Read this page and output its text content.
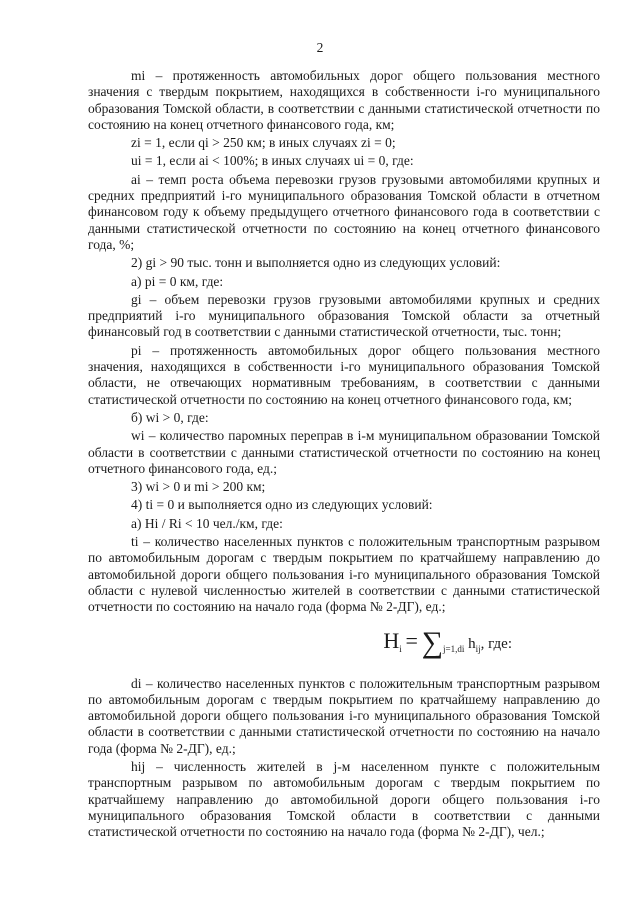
2

mi – протяженность автомобильных дорог общего пользования местного значения с твердым покрытием, находящихся в собственности i-го муниципального образования Томской области, в соответствии с данными статистической отчетности по состоянию на конец отчетного финансового года, км;

zi = 1, если qi > 250 км; в иных случаях zi = 0;

ui = 1, если ai < 100%; в иных случаях ui = 0, где:

ai – темп роста объема перевозки грузов грузовыми автомобилями крупных и средних предприятий i-го муниципального образования Томской области в отчетном финансовом году к объему предыдущего отчетного финансового года в соответствии с данными статистической отчетности по состоянию на конец отчетного финансового года, %;

2) gi > 90 тыс. тонн и выполняется одно из следующих условий:

а) pi = 0 км, где:

gi – объем перевозки грузов грузовыми автомобилями крупных и средних предприятий i-го муниципального образования Томской области за отчетный финансовый год в соответствии с данными статистической отчетности, тыс. тонн;

pi – протяженность автомобильных дорог общего пользования местного значения, находящихся в собственности i-го муниципального образования Томской области, не отвечающих нормативным требованиям, в соответствии с данными статистической отчетности по состоянию на конец отчетного финансового года, км;

б) wi > 0, где:

wi – количество паромных переправ в i-м муниципальном образовании Томской области в соответствии с данными статистической отчетности по состоянию на конец отчетного финансового года, ед.;

3) wi > 0 и mi > 200 км;

4) ti = 0 и выполняется одно из следующих условий:

а) Hi / Ri < 10 чел./км, где:

ti – количество населенных пунктов с положительным транспортным разрывом по автомобильным дорогам с твердым покрытием по кратчайшему направлению до автомобильной дороги общего пользования i-го муниципального образования Томской области с нулевой численностью жителей в соответствии с данными статистической отчетности по состоянию на начало года (форма № 2-ДГ), ед.;

$H_i = \sum_{j=1,di}$ $h_{ij}$, где:

di – количество населенных пунктов с положительным транспортным разрывом по автомобильным дорогам с твердым покрытием по кратчайшему направлению до автомобильной дороги общего пользования i-го муниципального образования Томской области в соответствии с данными статистической отчетности по состоянию на начало года (форма № 2-ДГ), ед.;

hij – численность жителей в j-м населенном пункте с положительным транспортным разрывом по автомобильным дорогам с твердым покрытием по кратчайшему направлению до автомобильной дороги общего пользования i-го муниципального образования Томской области в соответствии с данными статистической отчетности по состоянию на начало года (форма № 2-ДГ), чел.;
